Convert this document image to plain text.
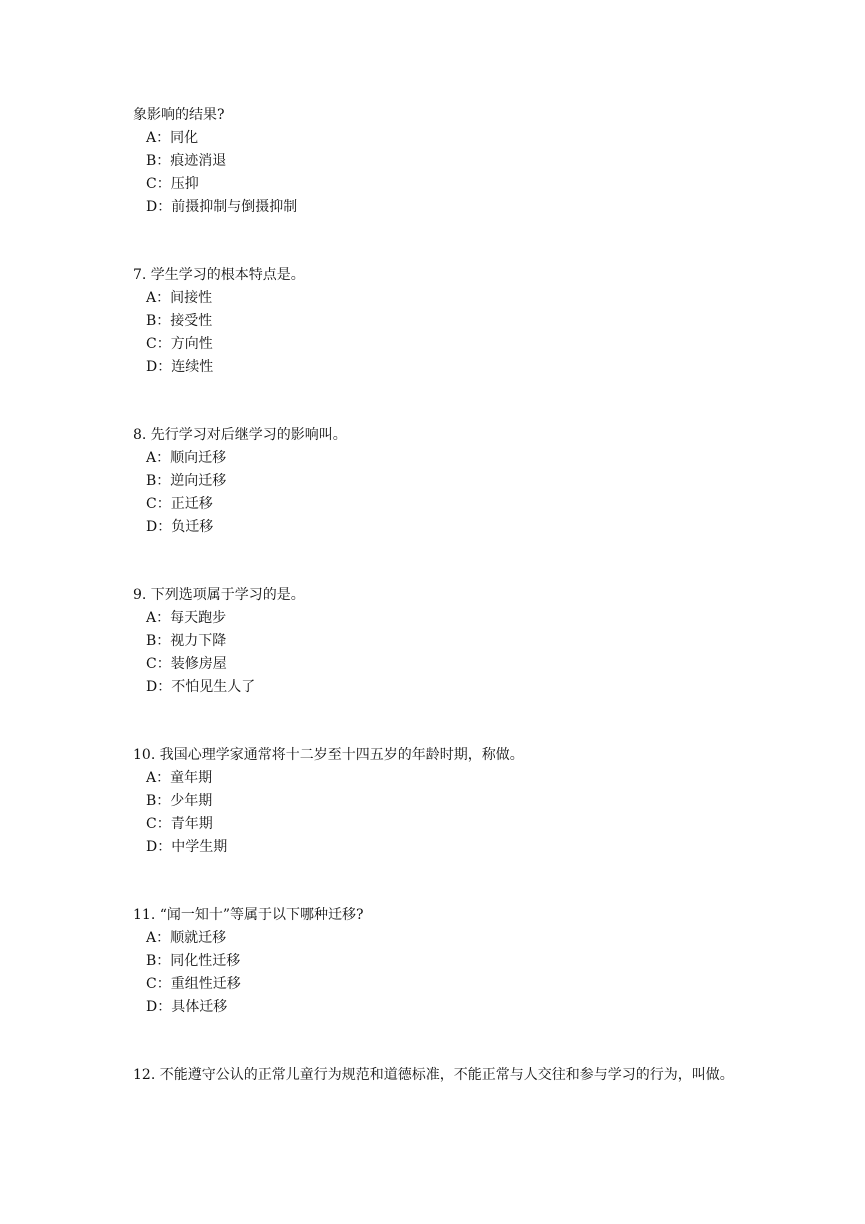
象影响的结果?
A：同化
B：痕迹消退
C：压抑
D：前摄抑制与倒摄抑制
7. 学生学习的根本特点是。
A：间接性
B：接受性
C：方向性
D：连续性
8. 先行学习对后继学习的影响叫。
A：顺向迁移
B：逆向迁移
C：正迁移
D：负迁移
9. 下列选项属于学习的是。
A：每天跑步
B：视力下降
C：装修房屋
D：不怕见生人了
10. 我国心理学家通常将十二岁至十四五岁的年龄时期，称做。
A：童年期
B：少年期
C：青年期
D：中学生期
11. “闻一知十”等属于以下哪种迁移?
A：顺就迁移
B：同化性迁移
C：重组性迁移
D：具体迁移
12. 不能遵守公认的正常儿童行为规范和道德标准，不能正常与人交往和参与学习的行为，叫做。
